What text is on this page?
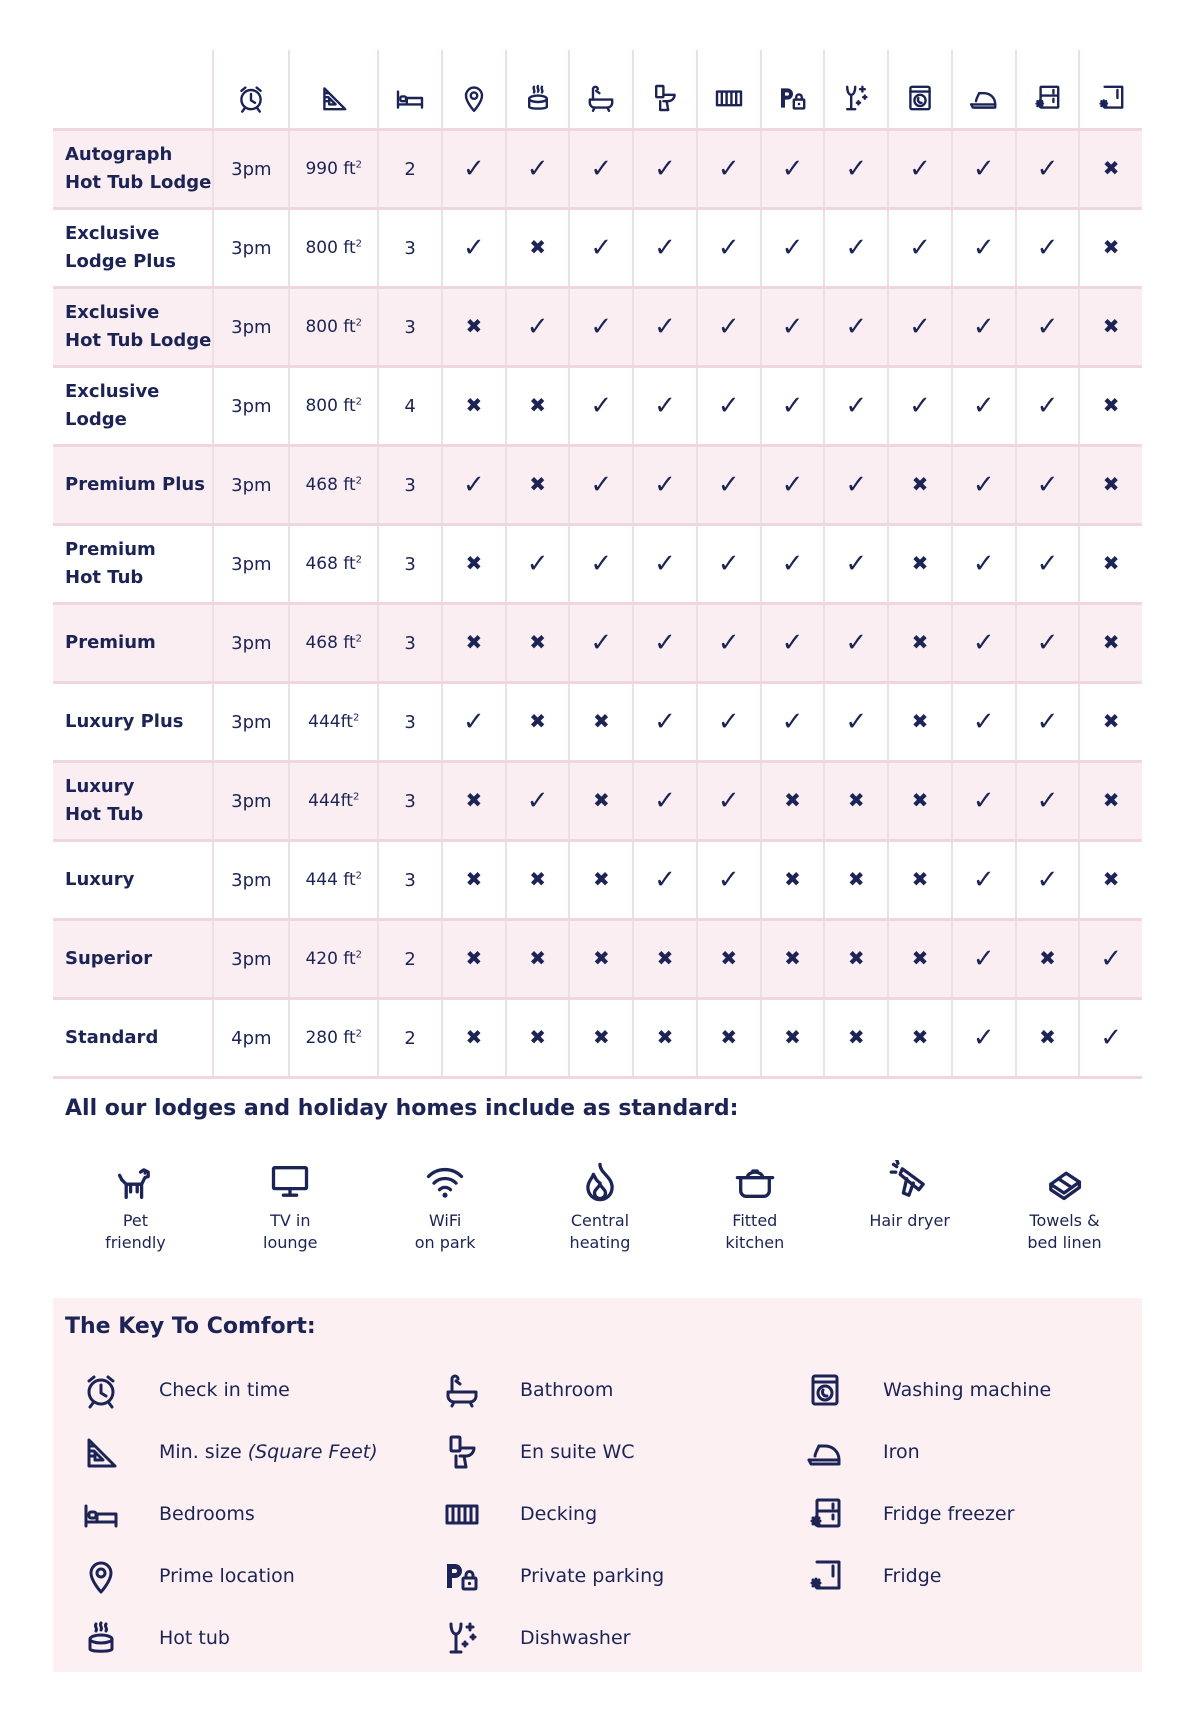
Autograph
Hot Tub Lodge	3pm	990 $ft^2$	2	✓	✓	✓	✓	✓	✓	✓	✓	✓	✓	✖

Exclusive
Lodge Plus	3pm	800 $ft^2$	3	✓	✖	✓	✓	✓	✓	✓	✓	✓	✓	✖

Exclusive
Hot Tub Lodge	3pm	800 $ft^2$	3	✖	✓	✓	✓	✓	✓	✓	✓	✓	✓	✖

Exclusive Lodge	3pm	800 $ft^2$	4	✖	✖	✓	✓	✓	✓	✓	✓	✓	✓	✖

Premium Plus	3pm	468 $ft^2$	3	✓	✖	✓	✓	✓	✓	✓	✖	✓	✓	✖

Premium
Hot Tub	3pm	468 $ft^2$	3	✖	✓	✓	✓	✓	✓	✓	✖	✓	✓	✖

Premium	3pm	468 $ft^2$	3	✖	✖	✓	✓	✓	✓	✓	✖	✓	✓	✖

Luxury Plus	3pm	$444ft^2$	3	✓	✖	✖	✓	✓	✓	✓	✖	✓	✓	✖

Luxury
Hot Tub	3pm	$444ft^2$	3	✖	✓	✖	✓	✓	✖	✖	✖	✓	✓	✖

Luxury	3pm	444 $ft^2$	3	✖	✖	✖	✓	✓	✖	✖	✖	✓	✓	✖

Superior	3pm	420 $ft^2$	2	✖	✖	✖	✖	✖	✖	✖	✖	✓	✖	✓

Standard	4pm	280 $ft^2$	2	✖	✖	✖	✖	✖	✖	✖	✖	✓	✖	✓
All our lodges and holiday homes include as standard:
Pet
friendly
TV in
lounge
WiFi
on park
Central
heating
Fitted
kitchen
Hair dryer	Towels &
bed linen
The Key To Comfort:
Check in time
Min. size (Square Feet)
Bedrooms
Prime location
Hot tub
Bathroom
En suite WC
Decking
Private parking
Dishwasher
Washing machine
Iron
Fridge freezer
Fridge
